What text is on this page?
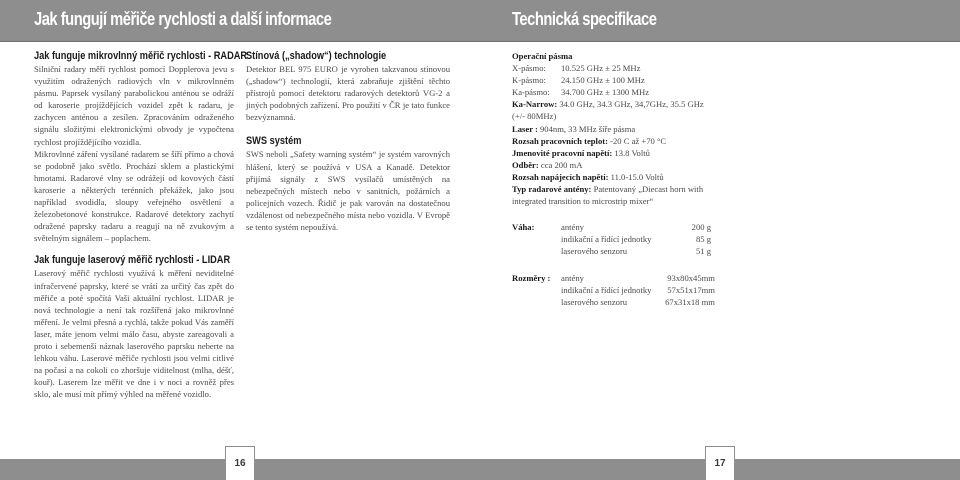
Jak fungují měřiče rychlosti a další informace	Technická specifikace

Jak funguje mikrovlnný měřič rychlosti - RADAR

Silniční radary měří rychlost pomocí Dopplerova jevu s využitím odražených radiových vln v mikrovlnném pásmu. Paprsek vysílaný parabolickou anténou se odráží od karoserie projíždějících vozidel zpět k radaru, je zachycen anténou a zesílen. Zpracováním odraženého signálu složitými elektronickými obvody je vypočtena rychlost projíždějícího vozidla.

Mikrovlnné záření vysílané radarem se šíří přímo a chová se podobně jako světlo. Prochází sklem a plastickými hmotami. Radarové vlny se odrážejí od kovových částí karoserie a některých terénních překážek, jako jsou například svodidla, sloupy veřejného osvětlení a železobetonové konstrukce. Radarové detektory zachytí odražené paprsky radaru a reagují na ně zvukovým a světelným signálem – poplachem.

Jak funguje laserový měřič rychlosti - LIDAR

Laserový měřič rychlosti využívá k měření neviditelné infračervené paprsky, které se vrátí za určitý čas zpět do měřiče a poté spočítá Vaši aktuální rychlost. LIDAR je nová technologie a není tak rozšířená jako mikrovlnné měření. Je velmi přesná a rychlá, takže pokud Vás zaměří laser, máte jenom velmi málo času, abyste zareagovali a proto i sebemenší náznak laserového paprsku neberte na lehkou váhu. Laserové měřiče rychlosti jsou velmi citlivé na počasí a na cokoli co zhoršuje viditelnost (mlha, déšť, kouř). Laserem lze měřit ve dne i v noci a rovněž přes sklo, ale musí mít přímý výhled na měřené vozidlo.

Stínová („shadow“) technologie

Detektor BEL 975 EURO je vyroben takzvanou stínovou („shadow“) technologií, která zabraňuje zjištění těchto přístrojů pomocí detektoru radarových detektorů VG-2 a jiných podobných zařízení. Pro použití v ČR je tato funkce bezvýznamná.

SWS systém

SWS neboli „Safety warning systém“ je systém varovných hlášení, který se používá v USA a Kanadě. Detektor přijímá signály z SWS vysílačů umístěných na nebezpečných místech nebo v sanitních, požárních a policejních vozech. Řidič je pak varován na dostatečnou vzdálenost od nebezpečného místa nebo vozidla. V Evropě se tento systém nepoužívá.

Operační pásma
X-pásmo:	10.525 GHz ± 25 MHz
K-pásmo:	24.150 GHz ± 100 MHz
Ka-pásmo:	34.700 GHz ± 1300 MHz
Ka-Narrow: 34.0 GHz, 34.3 GHz, 34,7GHz, 35.5 GHz
(+/- 80MHz)
Laser : 904nm, 33 MHz šíře pásma
Rozsah pracovních teplot: -20 C až +70 °C
Jmenovité pracovní napětí: 13.8 Voltů
Odběr: cca 200 mA
Rozsah napájecích napětí: 11.0-15.0 Voltů
Typ radarové antény: Patentovaný „Diecast horn with
integrated transition to microstrip mixer“
Váha:	antény	200 g
indikační a řídící jednotky	85 g
laserového senzoru	51 g
Rozměry :	antény	93x80x45mm
indikační a řídící jednotky	57x51x17mm
laserového senzoru	67x31x18 mm
16	17
